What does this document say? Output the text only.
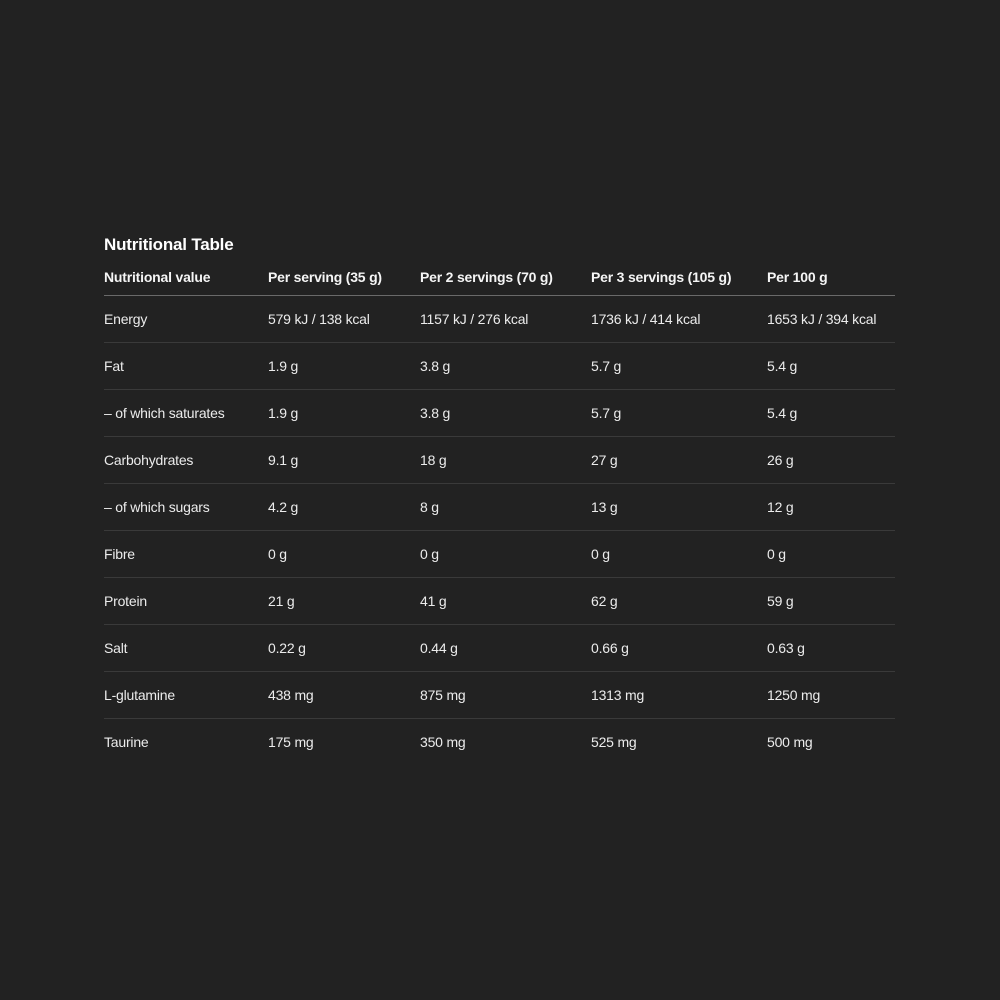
Nutritional Table
Nutritional value	Per serving (35 g)	Per 2 servings (70 g)	Per 3 servings (105 g)	Per 100 g
Energy	579 kJ / 138 kcal	1157 kJ / 276 kcal	1736 kJ / 414 kcal	1653 kJ / 394 kcal
Fat	1.9 g	3.8 g	5.7 g	5.4 g
– of which saturates	1.9 g	3.8 g	5.7 g	5.4 g
Carbohydrates	9.1 g	18 g	27 g	26 g
– of which sugars	4.2 g	8 g	13 g	12 g
Fibre	0 g	0 g	0 g	0 g
Protein	21 g	41 g	62 g	59 g
Salt	0.22 g	0.44 g	0.66 g	0.63 g
L-glutamine	438 mg	875 mg	1313 mg	1250 mg
Taurine	175 mg	350 mg	525 mg	500 mg
